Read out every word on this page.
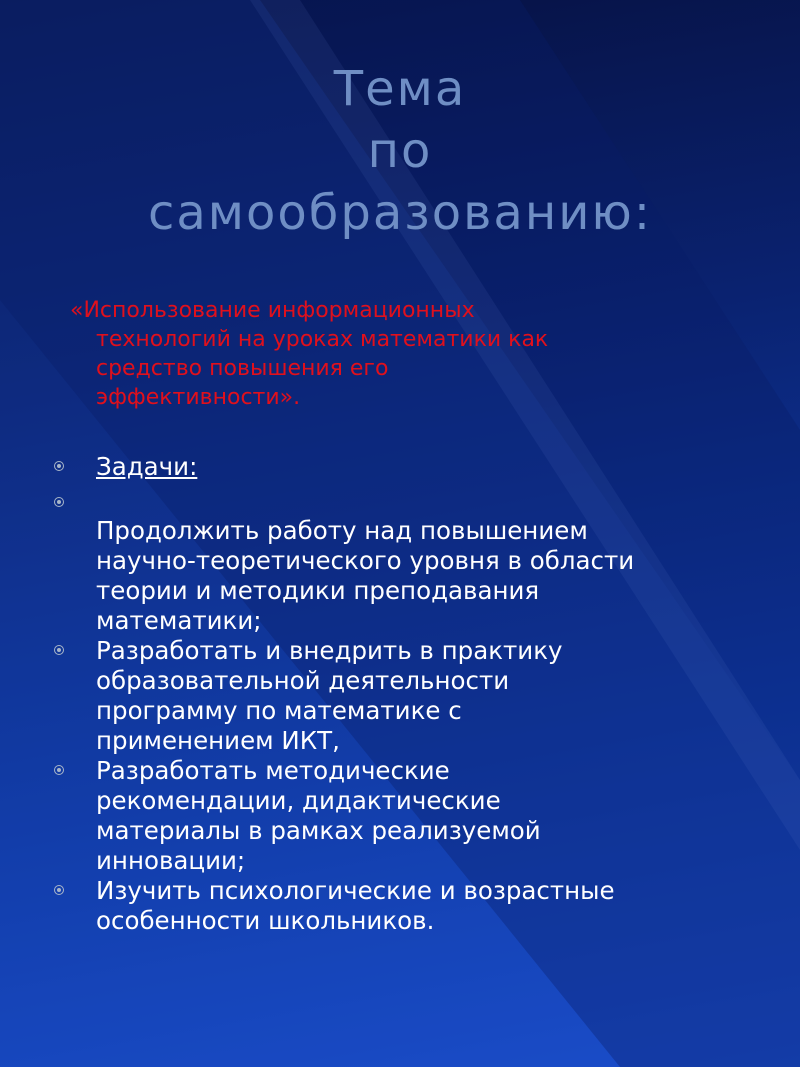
Тема
по
самообразованию:
«Использование информационных
технологий на уроках математики как
средство повышения его
эффективности».
Задачи:
Продолжить работу над повышением
научно-теоретического уровня в области
теории и методики преподавания
математики;
Разработать и внедрить в практику
образовательной деятельности
программу по математике с
применением ИКТ,
Разработать методические
рекомендации, дидактические
материалы в рамках реализуемой
инновации;
Изучить психологические и возрастные
особенности школьников.
